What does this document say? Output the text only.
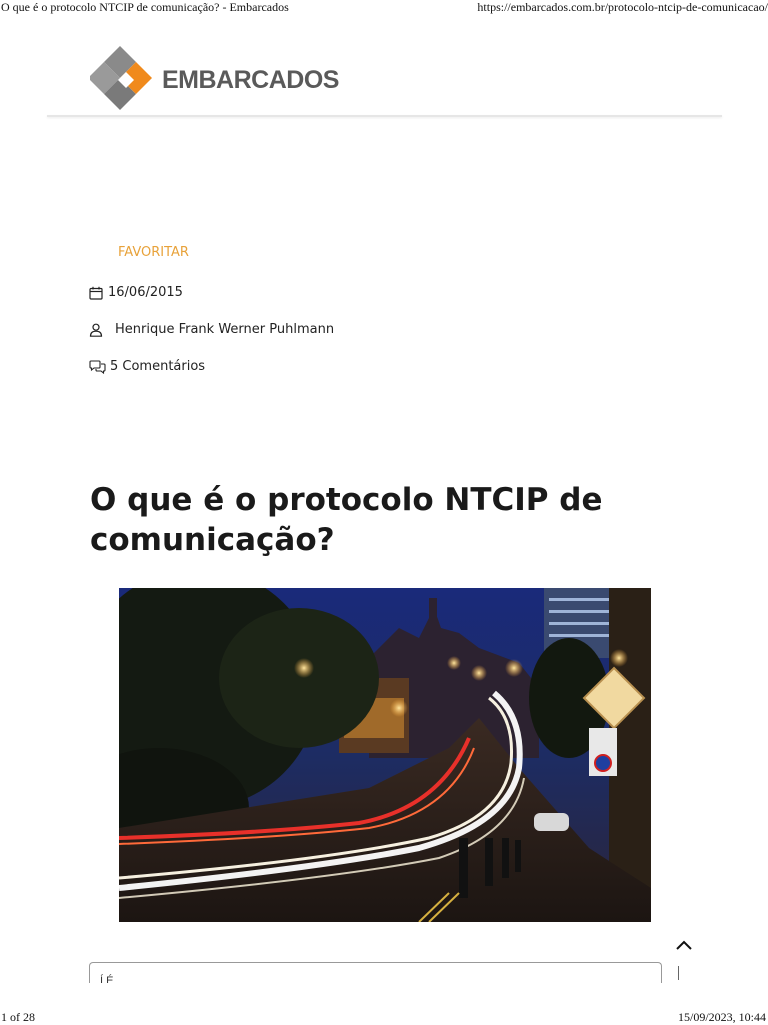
O que é o protocolo NTCIP de comunicação? - Embarcados	https://embarcados.com.br/protocolo-ntcip-de-comunicacao/
EMBARCADOS
FAVORITAR
16/06/2015
Henrique Frank Werner Puhlmann
5 Comentários
O que é o protocolo NTCIP de comunicação?
Í É
1 of 28	15/09/2023, 10:44
